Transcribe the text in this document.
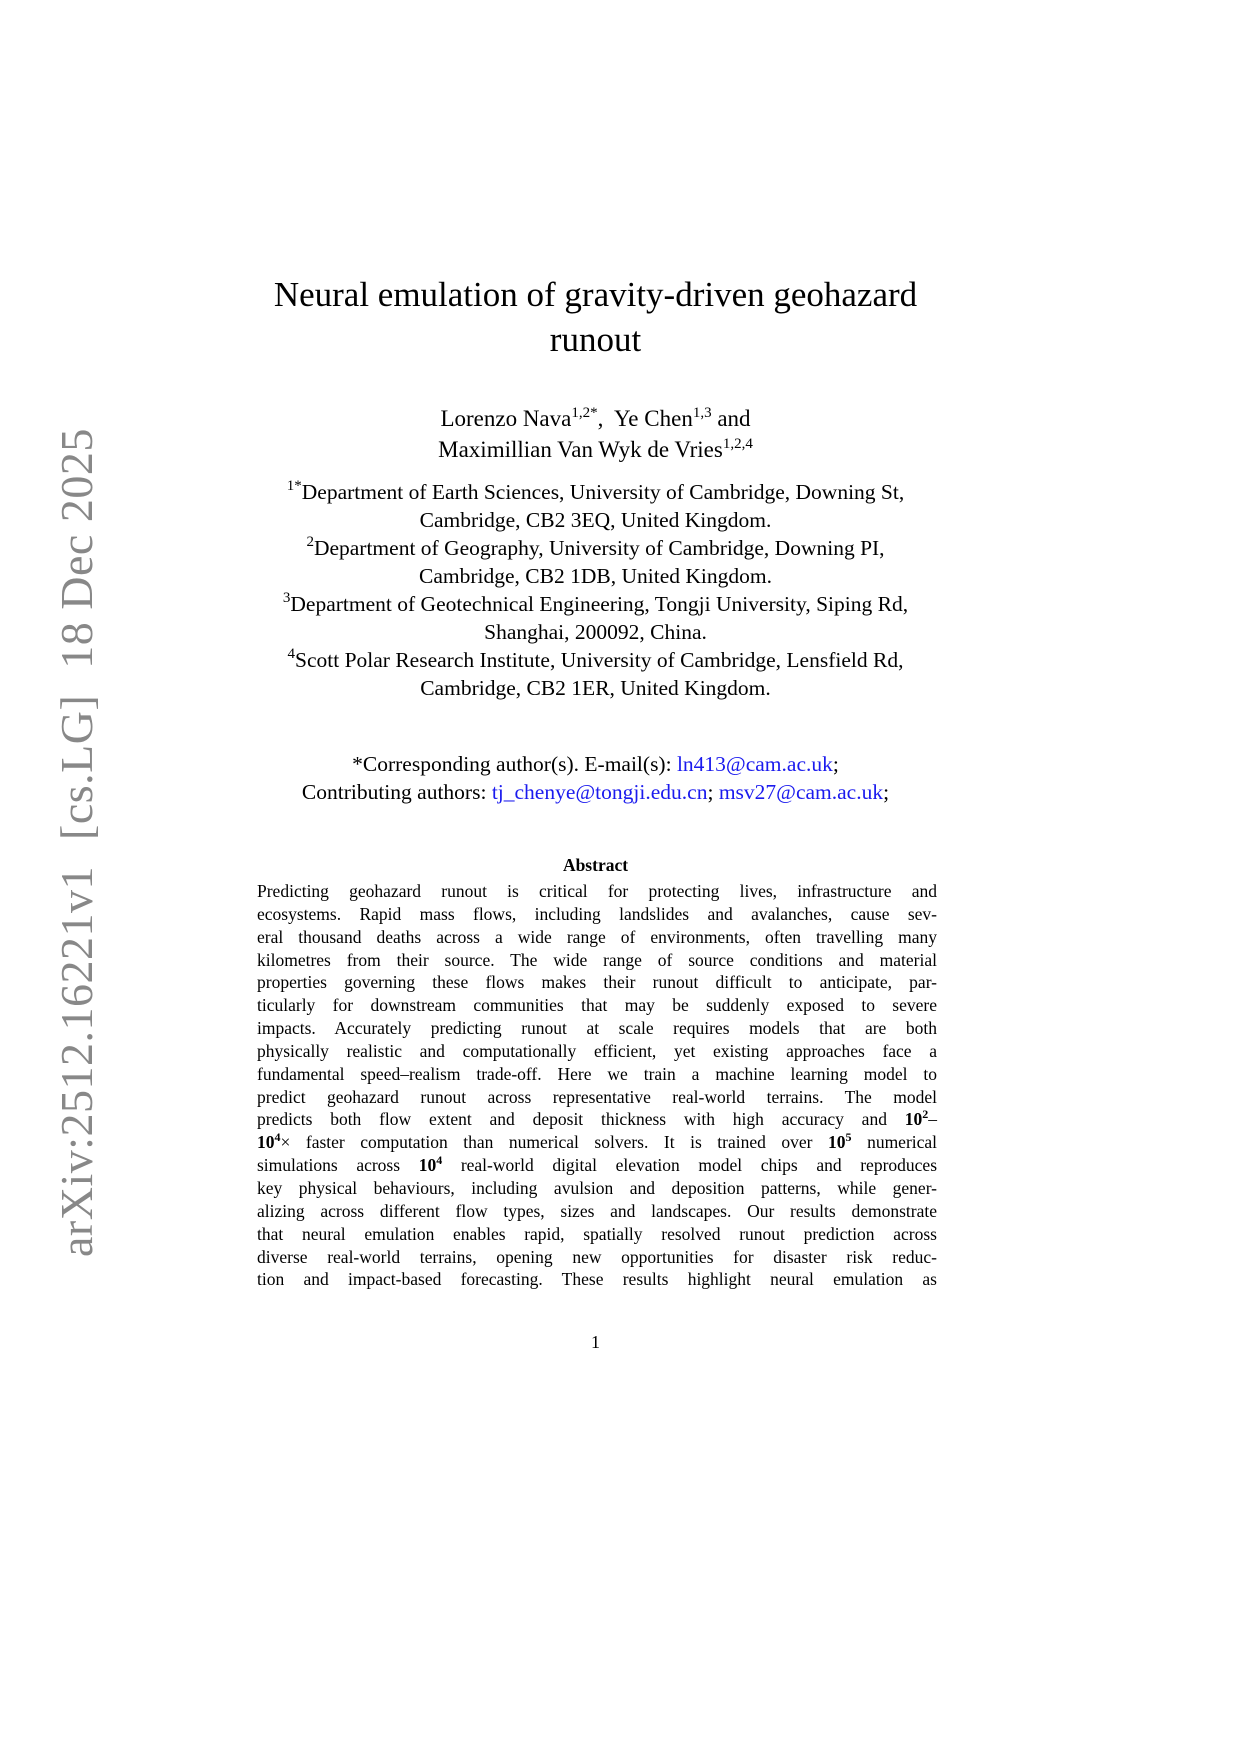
arXiv:2512.16221v1[cs.LG]18 Dec 2025
Neural emulation of gravity-driven geohazard
runout
Lorenzo Nava$^{1,2*}$,  Ye Chen$^{1,3}$ and
Maximillian Van Wyk de Vries$^{1,2,4}$
$^{1*}$Department of Earth Sciences, University of Cambridge, Downing St,
Cambridge, CB2 3EQ, United Kingdom.
$^2$Department of Geography, University of Cambridge, Downing PI,
Cambridge, CB2 1DB, United Kingdom.
$^3$Department of Geotechnical Engineering, Tongji University, Siping Rd,
Shanghai, 200092, China.
$^4$Scott Polar Research Institute, University of Cambridge, Lensfield Rd,
Cambridge, CB2 1ER, United Kingdom.
*Corresponding author(s). E-mail(s): ln413@cam.ac.uk;
Contributing authors: tj_chenye@tongji.edu.cn; msv27@cam.ac.uk;
Abstract
Predicting geohazard runout is critical for protecting lives, infrastructure and
ecosystems. Rapid mass flows, including landslides and avalanches, cause sev-
eral thousand deaths across a wide range of environments, often travelling many
kilometres from their source. The wide range of source conditions and material
properties governing these flows makes their runout difficult to anticipate, par-
ticularly for downstream communities that may be suddenly exposed to severe
impacts. Accurately predicting runout at scale requires models that are both
physically realistic and computationally efficient, yet existing approaches face a
fundamental speed–realism trade-off. Here we train a machine learning model to
predict geohazard runout across representative real-world terrains. The model
predicts both flow extent and deposit thickness with high accuracy and $10^2-$
$10^4\times$ faster computation than numerical solvers. It is trained over $10^5$ numerical
simulations across $10^4$ real-world digital elevation model chips and reproduces
key physical behaviours, including avulsion and deposition patterns, while gener-
alizing across different flow types, sizes and landscapes. Our results demonstrate
that neural emulation enables rapid, spatially resolved runout prediction across
diverse real-world terrains, opening new opportunities for disaster risk reduc-
tion and impact-based forecasting. These results highlight neural emulation as
1
